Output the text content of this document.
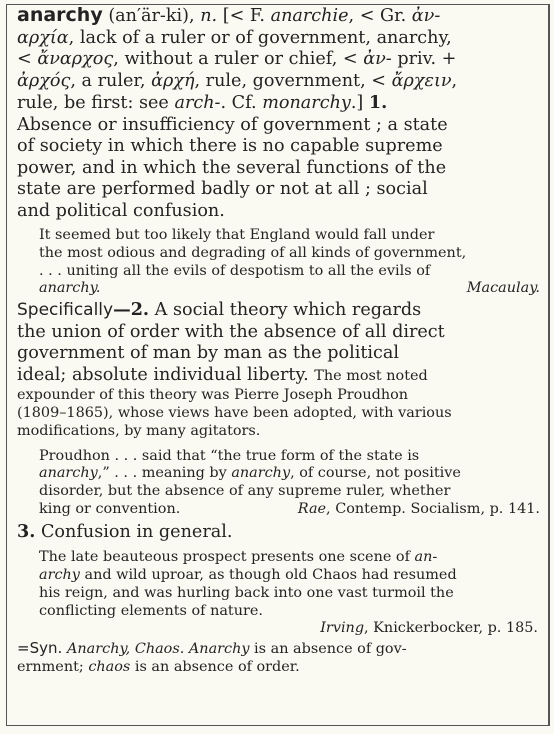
anarchy (an′är-ki), n. [< F. anarchie, < Gr. ἀν-
αρχία, lack of a ruler or of government, anarchy,
< ἄναρχος, without a ruler or chief, < ἀν- priv. +
ἀρχός, a ruler, ἀρχή, rule, government, < ἄρχειν,
rule, be first: see arch-. Cf. monarchy.] 1.
Absence or insufficiency of government ; a state
of society in which there is no capable supreme
power, and in which the several functions of the
state are performed badly or not at all ; social
and political confusion.
It seemed but too likely that England would fall under
the most odious and degrading of all kinds of government,
. . . uniting all the evils of despotism to all the evils of
anarchy.	Macaulay.
Specifically—2. A social theory which regards
the union of order with the absence of all direct
government of man by man as the political
ideal; absolute individual liberty. The most noted
expounder of this theory was Pierre Joseph Proudhon
(1809–1865), whose views have been adopted, with various
modifications, by many agitators.
Proudhon . . . said that “the true form of the state is
anarchy,” . . . meaning by anarchy, of course, not positive
disorder, but the absence of any supreme ruler, whether
king or convention.	Rae, Contemp. Socialism, p. 141.
3. Confusion in general.
The late beauteous prospect presents one scene of an-
archy and wild uproar, as though old Chaos had resumed
his reign, and was hurling back into one vast turmoil the
conflicting elements of nature.
Irving, Knickerbocker, p. 185.
=Syn. Anarchy, Chaos. Anarchy is an absence of gov-
ernment; chaos is an absence of order.
